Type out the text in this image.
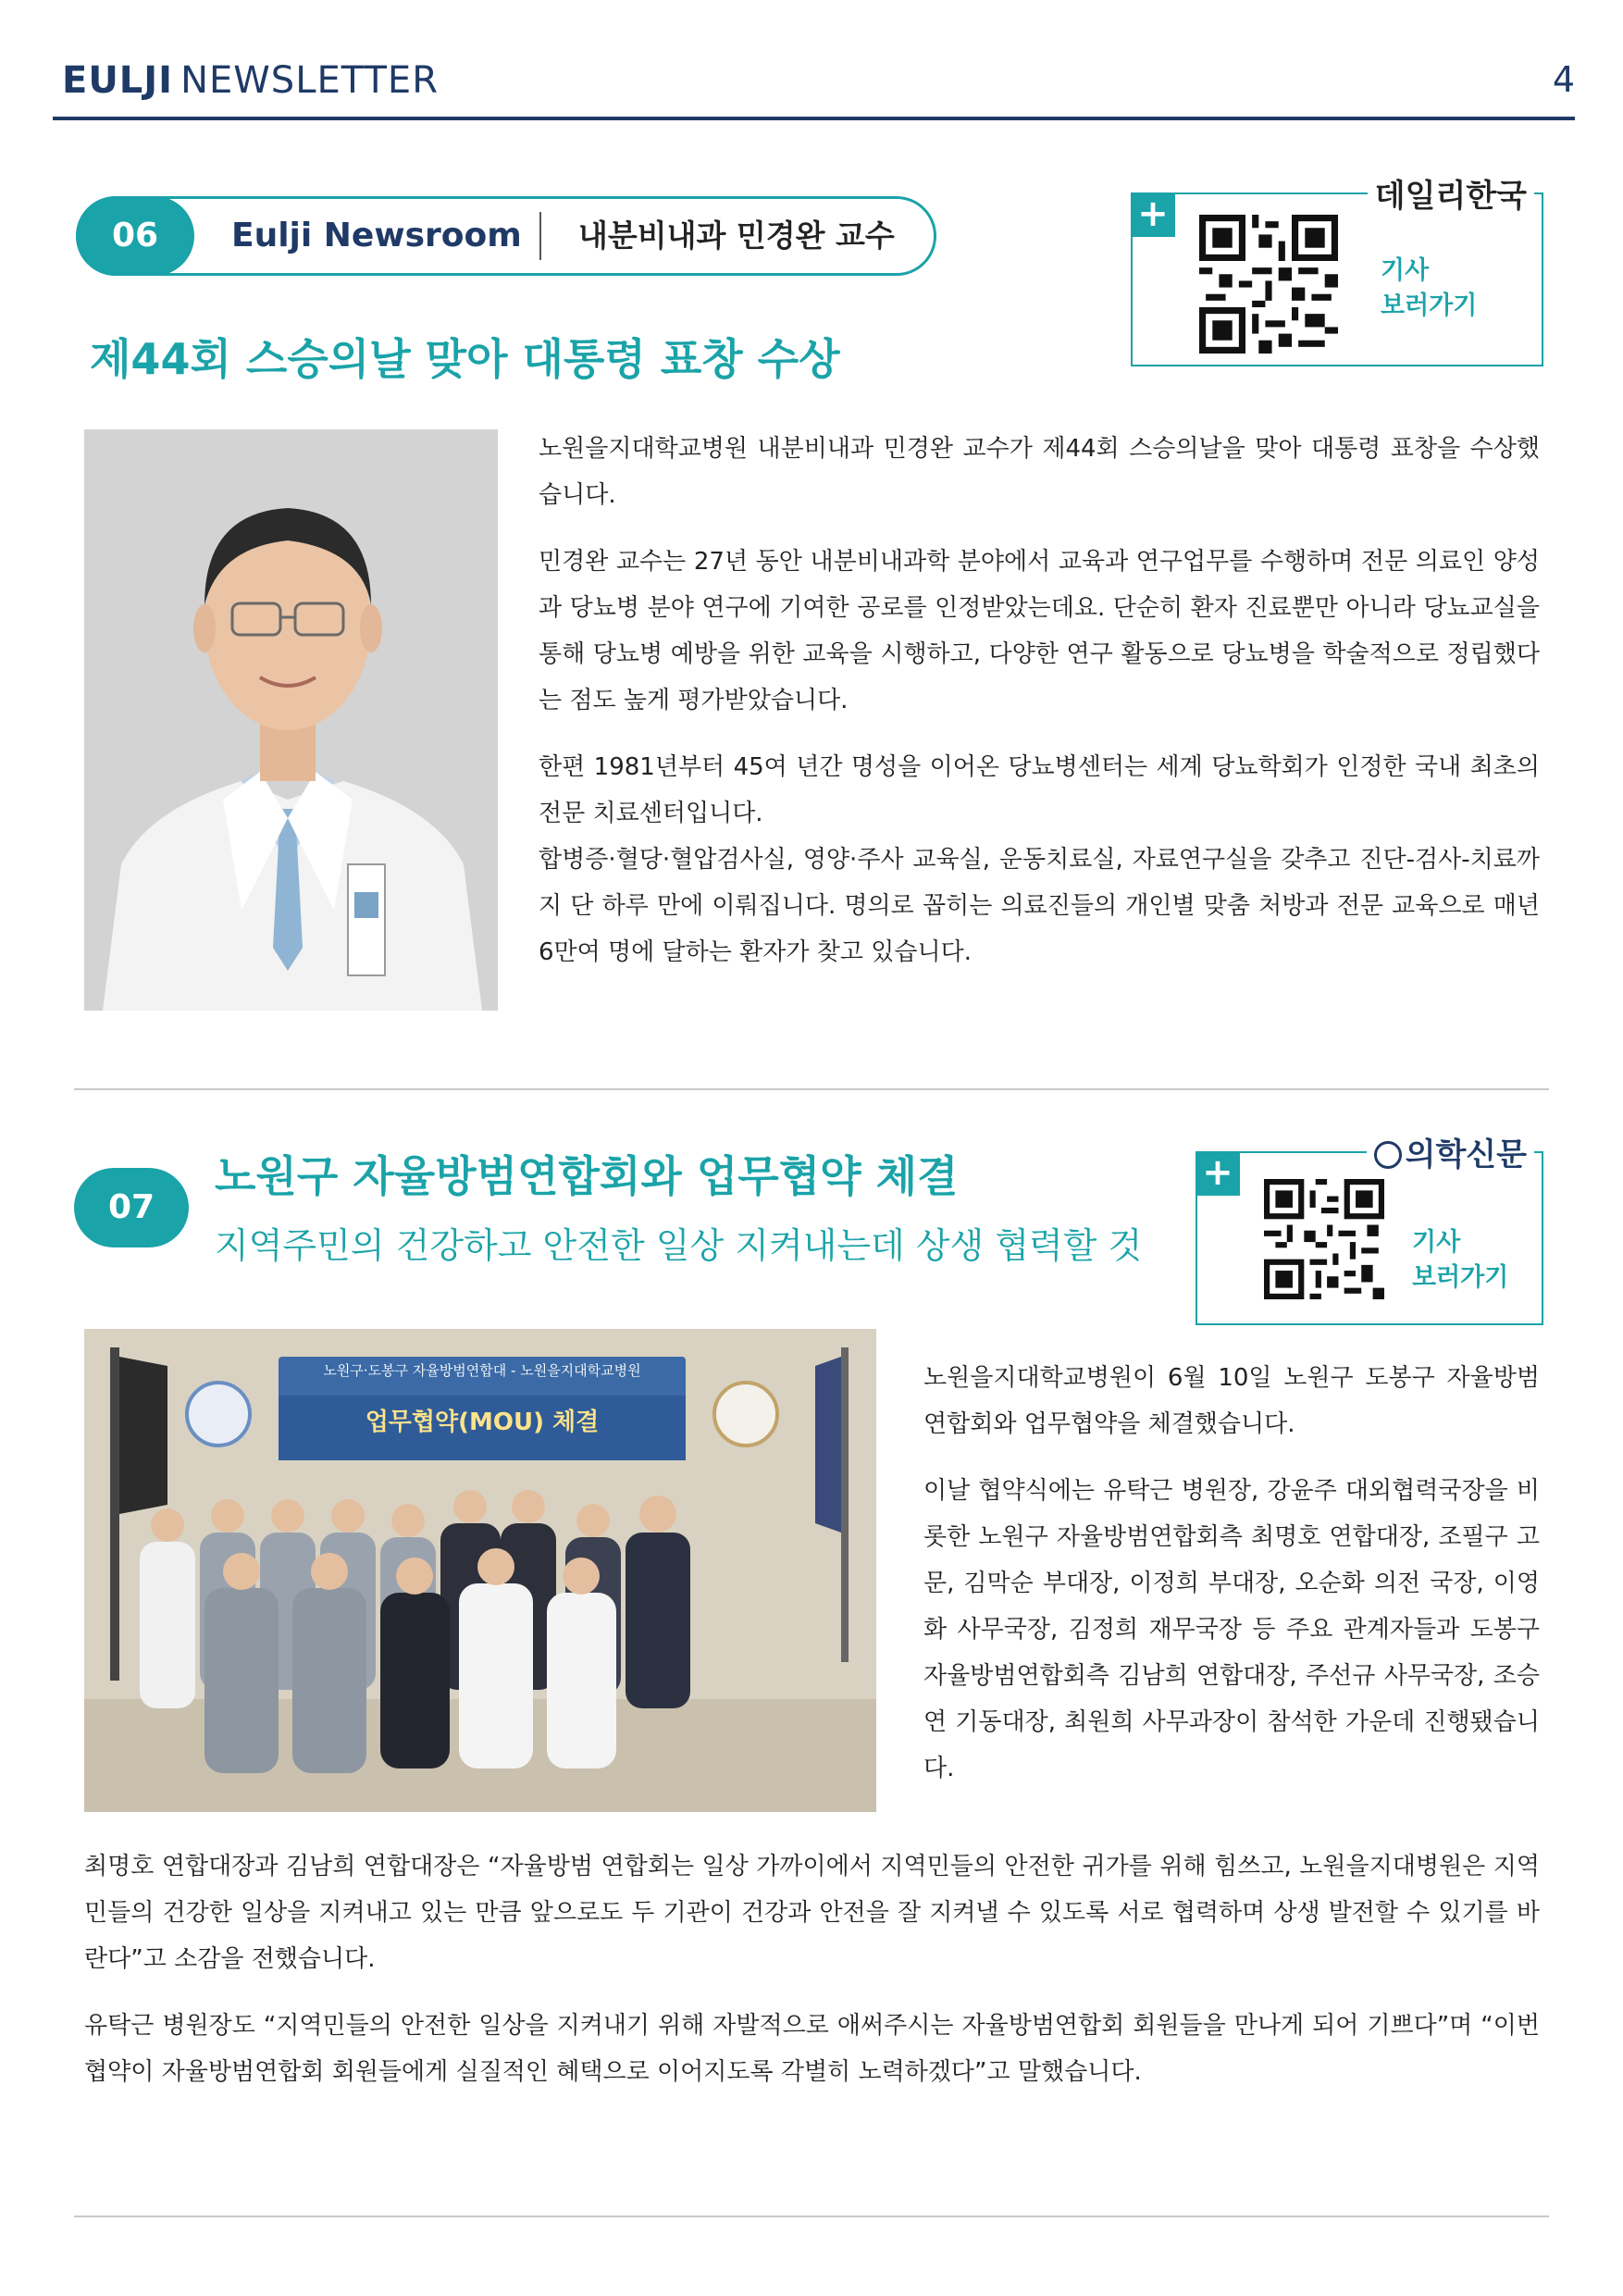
EULJI NEWSLETTER	4
06	Eulji Newsroom 내분비내과 민경완 교수
제44회 스승의날 맞아 대통령 표창 수상
+	데일리한국
기사
보러가기

노원을지대학교병원 내분비내과 민경완 교수가 제44회 스승의날을 맞아 대통령 표창을 수상했습니다.

민경완 교수는 27년 동안 내분비내과학 분야에서 교육과 연구업무를 수행하며 전문 의료인 양성과 당뇨병 분야 연구에 기여한 공로를 인정받았는데요. 단순히 환자 진료뿐만 아니라 당뇨교실을 통해 당뇨병 예방을 위한 교육을 시행하고, 다양한 연구 활동으로 당뇨병을 학술적으로 정립했다는 점도 높게 평가받았습니다.

한편 1981년부터 45여 년간 명성을 이어온 당뇨병센터는 세계 당뇨학회가 인정한 국내 최초의 전문 치료센터입니다.

합병증·혈당·혈압검사실, 영양·주사 교육실, 운동치료실, 자료연구실을 갖추고 진단-검사-치료까지 단 하루 만에 이뤄집니다. 명의로 꼽히는 의료진들의 개인별 맞춤 처방과 전문 교육으로 매년 6만여 명에 달하는 환자가 찾고 있습니다.

07
노원구 자율방범연합회와 업무협약 체결
지역주민의 건강하고 안전한 일상 지켜내는데 상생 협력할 것
+	의학신문
기사
보러가기
노원구·도봉구 자율방범연합대 - 노원을지대학교병원
업무협약(MOU) 체결

노원을지대학교병원이 6월 10일 노원구 도봉구 자율방범 연합회와 업무협약을 체결했습니다.

이날 협약식에는 유탁근 병원장, 강윤주 대외협력국장을 비롯한 노원구 자율방범연합회측 최명호 연합대장, 조필구 고문, 김막순 부대장, 이정희 부대장, 오순화 의전 국장, 이영화 사무국장, 김정희 재무국장 등 주요 관계자들과 도봉구 자율방범연합회측 김남희 연합대장, 주선규 사무국장, 조승연 기동대장, 최원희 사무과장이 참석한 가운데 진행됐습니다.

최명호 연합대장과 김남희 연합대장은 “자율방범 연합회는 일상 가까이에서 지역민들의 안전한 귀가를 위해 힘쓰고, 노원을지대병원은 지역민들의 건강한 일상을 지켜내고 있는 만큼 앞으로도 두 기관이 건강과 안전을 잘 지켜낼 수 있도록 서로 협력하며 상생 발전할 수 있기를 바란다”고 소감을 전했습니다.

유탁근 병원장도 “지역민들의 안전한 일상을 지켜내기 위해 자발적으로 애써주시는 자율방범연합회 회원들을 만나게 되어 기쁘다”며 “이번 협약이 자율방범연합회 회원들에게 실질적인 혜택으로 이어지도록 각별히 노력하겠다”고 말했습니다.
